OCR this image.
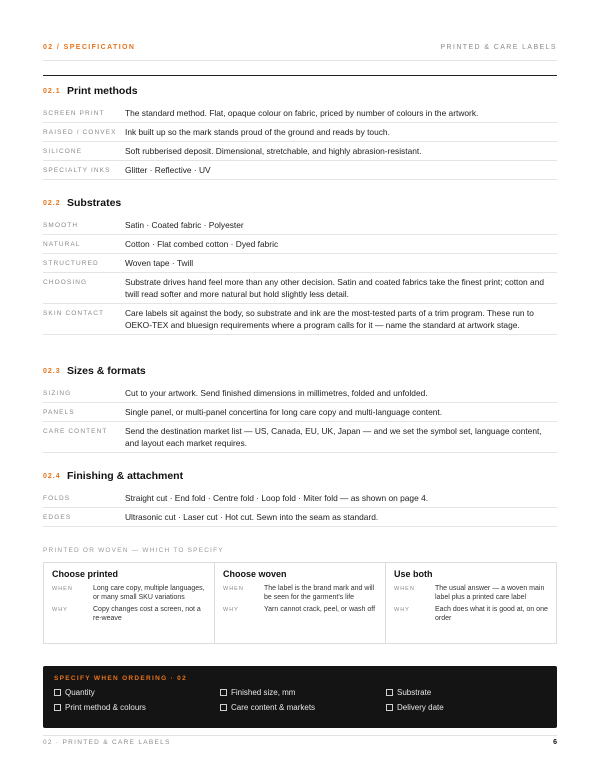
02 / SPECIFICATION	PRINTED & CARE LABELS
02.1 Print methods
SCREEN PRINT	The standard method. Flat, opaque colour on fabric, priced by number of colours in the artwork.
RAISED / CONVEX	Ink built up so the mark stands proud of the ground and reads by touch.
SILICONE	Soft rubberised deposit. Dimensional, stretchable, and highly abrasion-resistant.
SPECIALTY INKS	Glitter · Reflective · UV
02.2 Substrates
SMOOTH	Satin · Coated fabric · Polyester
NATURAL	Cotton · Flat combed cotton · Dyed fabric
STRUCTURED	Woven tape · Twill
CHOOSING	Substrate drives hand feel more than any other decision. Satin and coated fabrics take the finest print; cotton and twill read softer and more natural but hold slightly less detail.
SKIN CONTACT	Care labels sit against the body, so substrate and ink are the most-tested parts of a trim program. These run to OEKO-TEX and bluesign requirements where a program calls for it — name the standard at artwork stage.
02.3 Sizes & formats
SIZING	Cut to your artwork. Send finished dimensions in millimetres, folded and unfolded.
PANELS	Single panel, or multi-panel concertina for long care copy and multi-language content.
CARE CONTENT	Send the destination market list — US, Canada, EU, UK, Japan — and we set the symbol set, language content, and layout each market requires.
02.4 Finishing & attachment
FOLDS	Straight cut · End fold · Centre fold · Loop fold · Miter fold — as shown on page 4.
EDGES	Ultrasonic cut · Laser cut · Hot cut. Sewn into the seam as standard.
PRINTED OR WOVEN — WHICH TO SPECIFY
Choose printed
WHEN	Long care copy, multiple languages, or many small SKU variations
WHY	Copy changes cost a screen, not a re-weave
Choose woven
WHEN	The label is the brand mark and will be seen for the garment's life
WHY	Yarn cannot crack, peel, or wash off
Use both
WHEN	The usual answer — a woven main label plus a printed care label
WHY	Each does what it is good at, on one order
SPECIFY WHEN ORDERING · 02
Quantity	Finished size, mm	Substrate
Print method & colours	Care content & markets	Delivery date
02 · PRINTED & CARE LABELS	6
